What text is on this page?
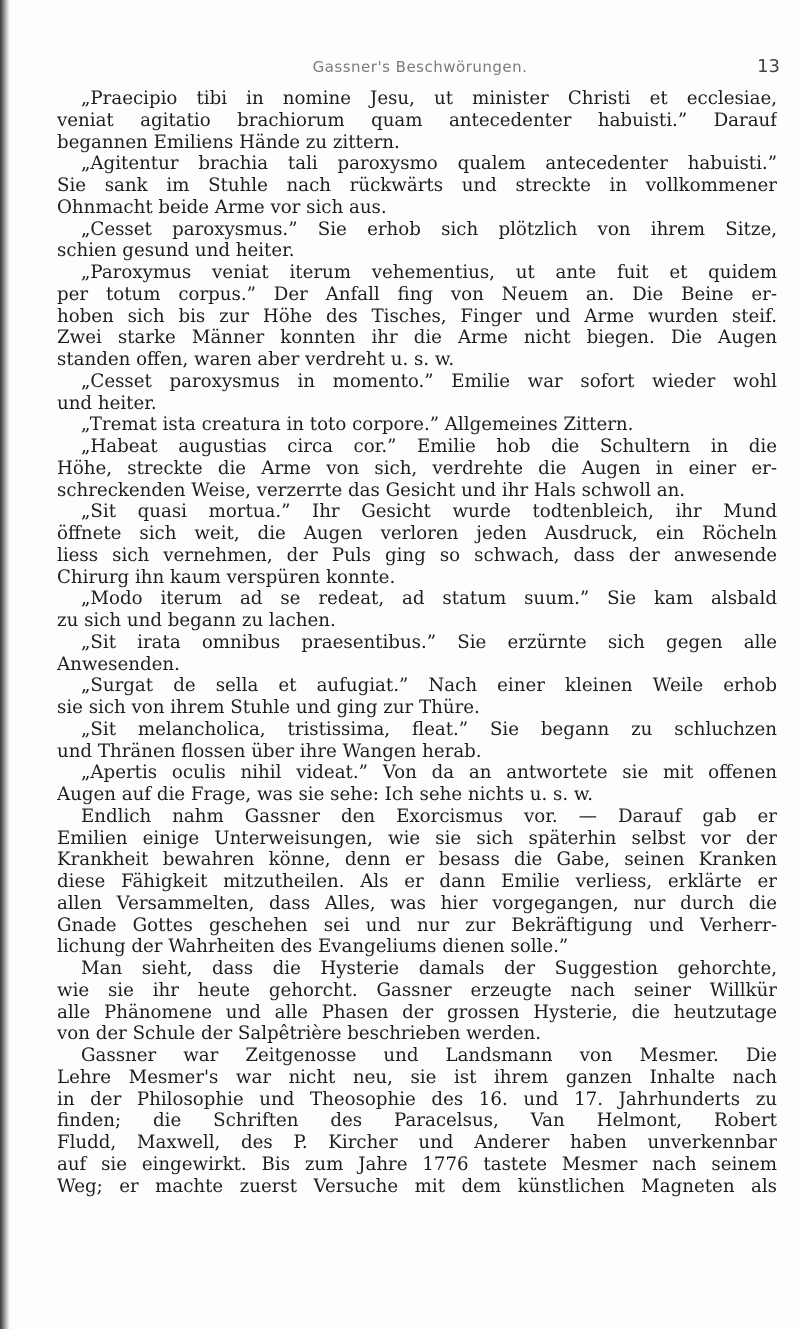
Gassner's Beschwörungen.	13
„Praecipio tibi in nomine Jesu, ut minister Christi et ecclesiae,
veniat agitatio brachiorum quam antecedenter habuisti.” Darauf
begannen Emiliens Hände zu zittern.
„Agitentur brachia tali paroxysmo qualem antecedenter habuisti.”
Sie sank im Stuhle nach rückwärts und streckte in vollkommener
Ohnmacht beide Arme vor sich aus.
„Cesset paroxysmus.” Sie erhob sich plötzlich von ihrem Sitze,
schien gesund und heiter.
„Paroxymus veniat iterum vehementius, ut ante fuit et quidem
per totum corpus.” Der Anfall fing von Neuem an. Die Beine er-
hoben sich bis zur Höhe des Tisches, Finger und Arme wurden steif.
Zwei starke Männer konnten ihr die Arme nicht biegen. Die Augen
standen offen, waren aber verdreht u. s. w.
„Cesset paroxysmus in momento.” Emilie war sofort wieder wohl
und heiter.
„Tremat ista creatura in toto corpore.” Allgemeines Zittern.
„Habeat augustias circa cor.” Emilie hob die Schultern in die
Höhe, streckte die Arme von sich, verdrehte die Augen in einer er-
schreckenden Weise, verzerrte das Gesicht und ihr Hals schwoll an.
„Sit quasi mortua.” Ihr Gesicht wurde todtenbleich, ihr Mund
öffnete sich weit, die Augen verloren jeden Ausdruck, ein Röcheln
liess sich vernehmen, der Puls ging so schwach, dass der anwesende
Chirurg ihn kaum verspüren konnte.
„Modo iterum ad se redeat, ad statum suum.” Sie kam alsbald
zu sich und begann zu lachen.
„Sit irata omnibus praesentibus.” Sie erzürnte sich gegen alle
Anwesenden.
„Surgat de sella et aufugiat.” Nach einer kleinen Weile erhob
sie sich von ihrem Stuhle und ging zur Thüre.
„Sit melancholica, tristissima, fleat.” Sie begann zu schluchzen
und Thränen flossen über ihre Wangen herab.
„Apertis oculis nihil videat.” Von da an antwortete sie mit offenen
Augen auf die Frage, was sie sehe: Ich sehe nichts u. s. w.
Endlich nahm Gassner den Exorcismus vor. — Darauf gab er
Emilien einige Unterweisungen, wie sie sich späterhin selbst vor der
Krankheit bewahren könne, denn er besass die Gabe, seinen Kranken
diese Fähigkeit mitzutheilen. Als er dann Emilie verliess, erklärte er
allen Versammelten, dass Alles, was hier vorgegangen, nur durch die
Gnade Gottes geschehen sei und nur zur Bekräftigung und Verherr-
lichung der Wahrheiten des Evangeliums dienen solle.”
Man sieht, dass die Hysterie damals der Suggestion gehorchte,
wie sie ihr heute gehorcht. Gassner erzeugte nach seiner Willkür
alle Phänomene und alle Phasen der grossen Hysterie, die heutzutage
von der Schule der Salpêtrière beschrieben werden.
Gassner war Zeitgenosse und Landsmann von Mesmer. Die
Lehre Mesmer's war nicht neu, sie ist ihrem ganzen Inhalte nach
in der Philosophie und Theosophie des 16. und 17. Jahrhunderts zu
finden; die Schriften des Paracelsus, Van Helmont, Robert
Fludd, Maxwell, des P. Kircher und Anderer haben unverkennbar
auf sie eingewirkt. Bis zum Jahre 1776 tastete Mesmer nach seinem
Weg; er machte zuerst Versuche mit dem künstlichen Magneten als
